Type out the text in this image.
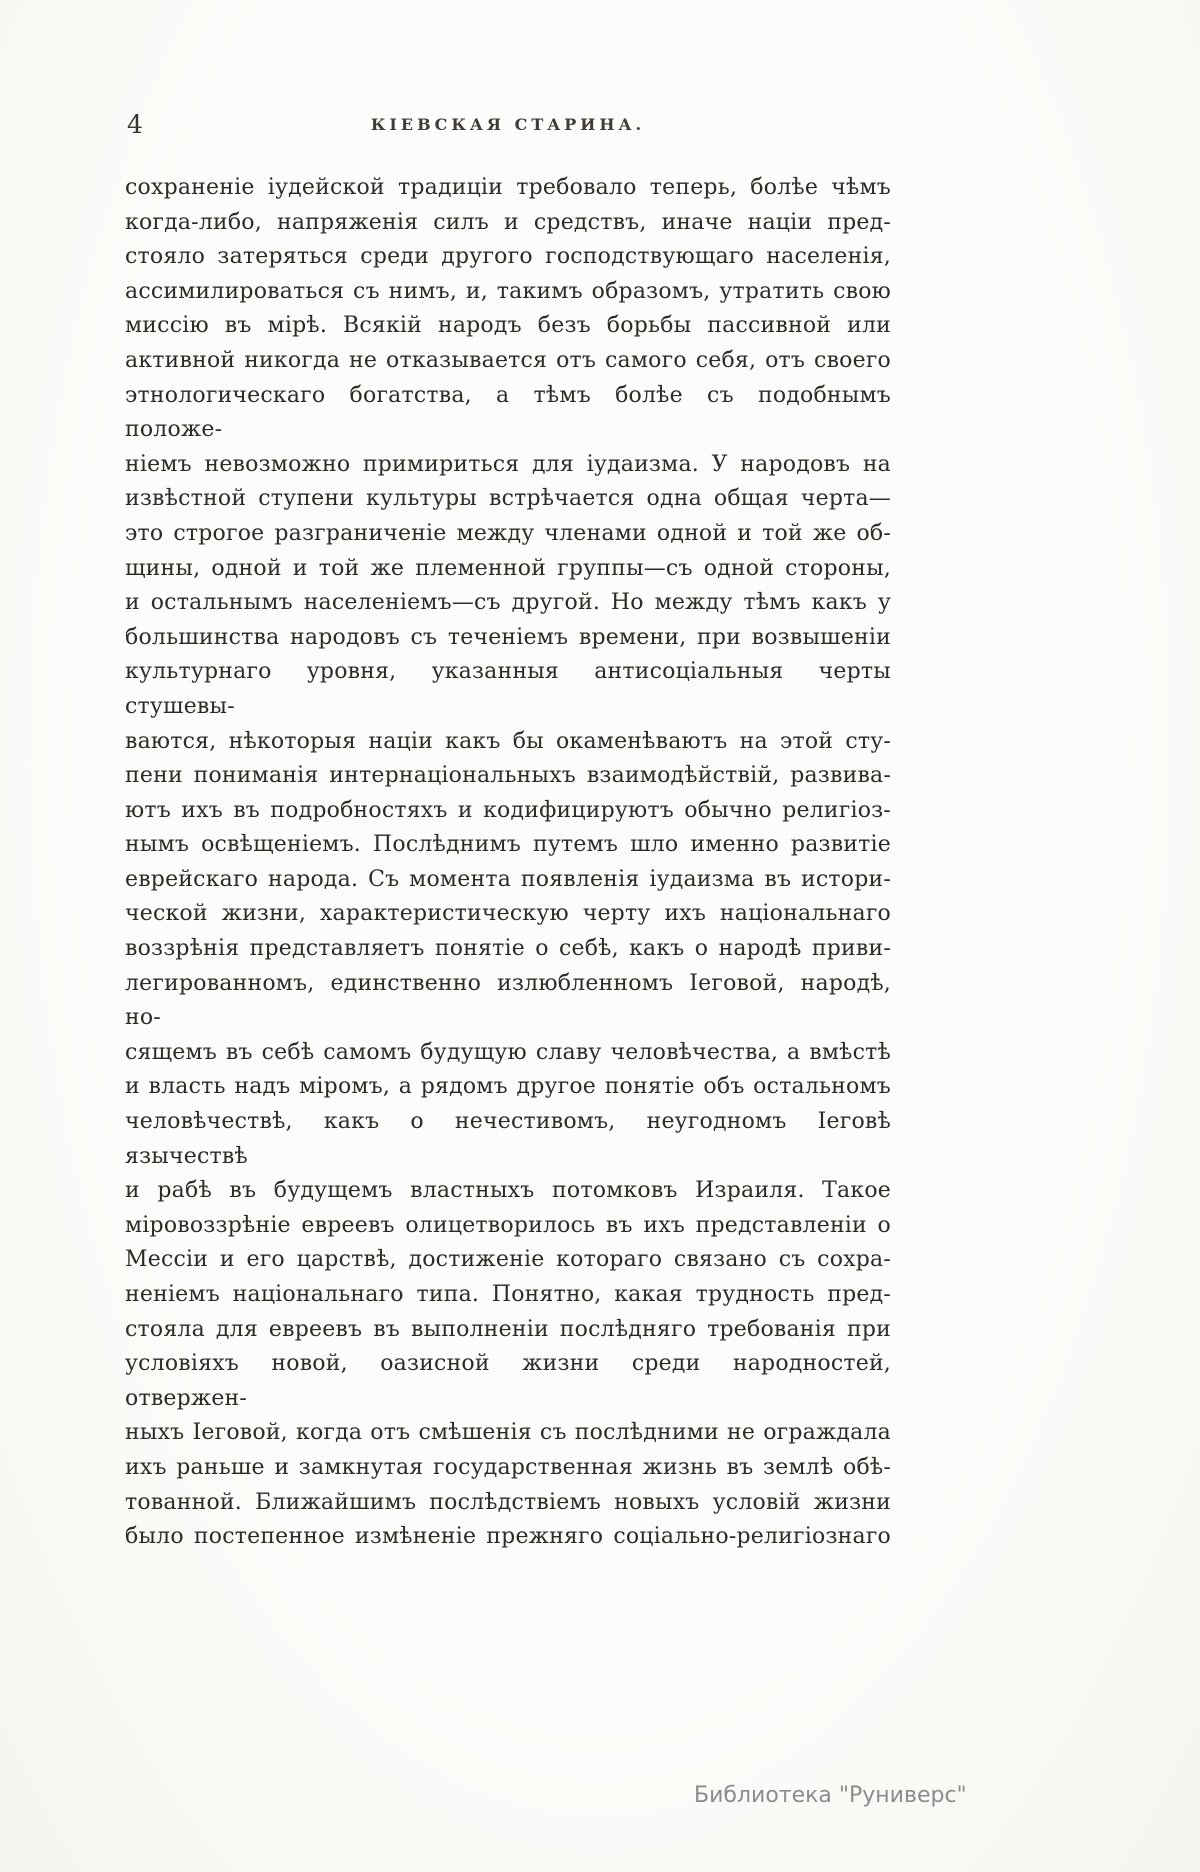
4	КІЕВСКАЯ СТАРИНА.
сохраненіе іудейской традиціи требовало теперь, болѣе чѣмъ
когда-либо, напряженія силъ и средствъ, иначе націи пред-
стояло затеряться среди другого господствующаго населенія,
ассимилироваться съ нимъ, и, такимъ образомъ, утратить свою
миссію въ мірѣ. Всякій народъ безъ борьбы пассивной или
активной никогда не отказывается отъ самого себя, отъ своего
этнологическаго богатства, а тѣмъ болѣе съ подобнымъ положе-
ніемъ невозможно примириться для іудаизма. У народовъ на
извѣстной ступени культуры встрѣчается одна общая черта—
это строгое разграниченіе между членами одной и той же об-
щины, одной и той же племенной группы—съ одной стороны,
и остальнымъ населеніемъ—съ другой. Но между тѣмъ какъ у
большинства народовъ съ теченіемъ времени, при возвышеніи
культурнаго уровня, указанныя антисоціальныя черты стушевы-
ваются, нѣкоторыя націи какъ бы окаменѣваютъ на этой сту-
пени пониманія интернаціональныхъ взаимодѣйствій, развива-
ютъ ихъ въ подробностяхъ и кодифицируютъ обычно религіоз-
нымъ освѣщеніемъ. Послѣднимъ путемъ шло именно развитіе
еврейскаго народа. Съ момента появленія іудаизма въ истори-
ческой жизни, характеристическую черту ихъ національнаго
воззрѣнія представляетъ понятіе о себѣ, какъ о народѣ приви-
легированномъ, единственно излюбленномъ Іеговой, народѣ, но-
сящемъ въ себѣ самомъ будущую славу человѣчества, а вмѣстѣ
и власть надъ міромъ, а рядомъ другое понятіе объ остальномъ
человѣчествѣ, какъ о нечестивомъ, неугодномъ Іеговѣ язычествѣ
и рабѣ въ будущемъ властныхъ потомковъ Израиля. Такое
міровоззрѣніе евреевъ олицетворилось въ ихъ представленіи о
Мессіи и его царствѣ, достиженіе котораго связано съ сохра-
неніемъ національнаго типа. Понятно, какая трудность пред-
стояла для евреевъ въ выполненіи послѣдняго требованія при
условіяхъ новой, оазисной жизни среди народностей, отвержен-
ныхъ Іеговой, когда отъ смѣшенія съ послѣдними не ограждала
ихъ раньше и замкнутая государственная жизнь въ землѣ обѣ-
тованной. Ближайшимъ послѣдствіемъ новыхъ условій жизни
было постепенное измѣненіе прежняго соціально-религіознаго
Библиотека "Руниверс"
